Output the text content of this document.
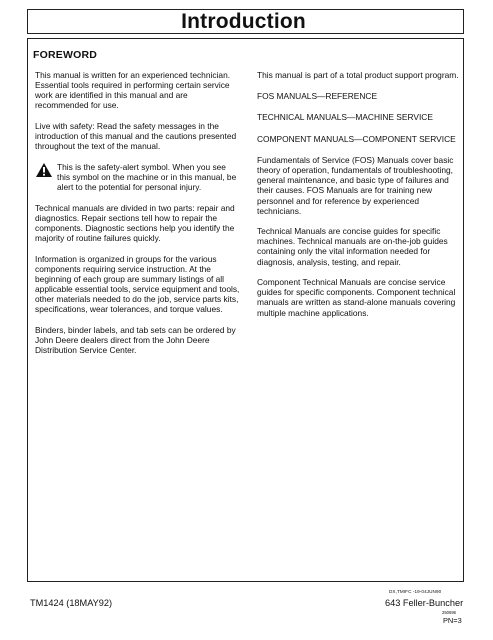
Introduction
FOREWORD

This manual is written for an experienced technician. Essential tools required in performing certain service work are identified in this manual and are recommended for use.

Live with safety: Read the safety messages in the introduction of this manual and the cautions presented throughout the text of the manual.

This is the safety-alert symbol. When you see this symbol on the machine or in this manual, be alert to the potential for personal injury.

Technical manuals are divided in two parts: repair and diagnostics. Repair sections tell how to repair the components. Diagnostic sections help you identify the majority of routine failures quickly.

Information is organized in groups for the various components requiring service instruction. At the beginning of each group are summary listings of all applicable essential tools, service equipment and tools, other materials needed to do the job, service parts kits, specifications, wear tolerances, and torque values.

Binders, binder labels, and tab sets can be ordered by John Deere dealers direct from the John Deere Distribution Service Center.

This manual is part of a total product support program.

FOS MANUALS—REFERENCE

TECHNICAL MANUALS—MACHINE SERVICE

COMPONENT MANUALS—COMPONENT SERVICE

Fundamentals of Service (FOS) Manuals cover basic theory of operation, fundamentals of troubleshooting, general maintenance, and basic type of failures and their causes. FOS Manuals are for training new personnel and for reference by experienced technicians.

Technical Manuals are concise guides for specific machines. Technical manuals are on-the-job guides containing only the vital information needed for diagnosis, analysis, testing, and repair.

Component Technical Manuals are concise service guides for specific components. Component technical manuals are written as stand-alone manuals covering multiple machine applications.

DX,TMIFC -19-04JUN90
TM1424 (18MAY92)	643 Feller-Buncher
250696
PN=3
